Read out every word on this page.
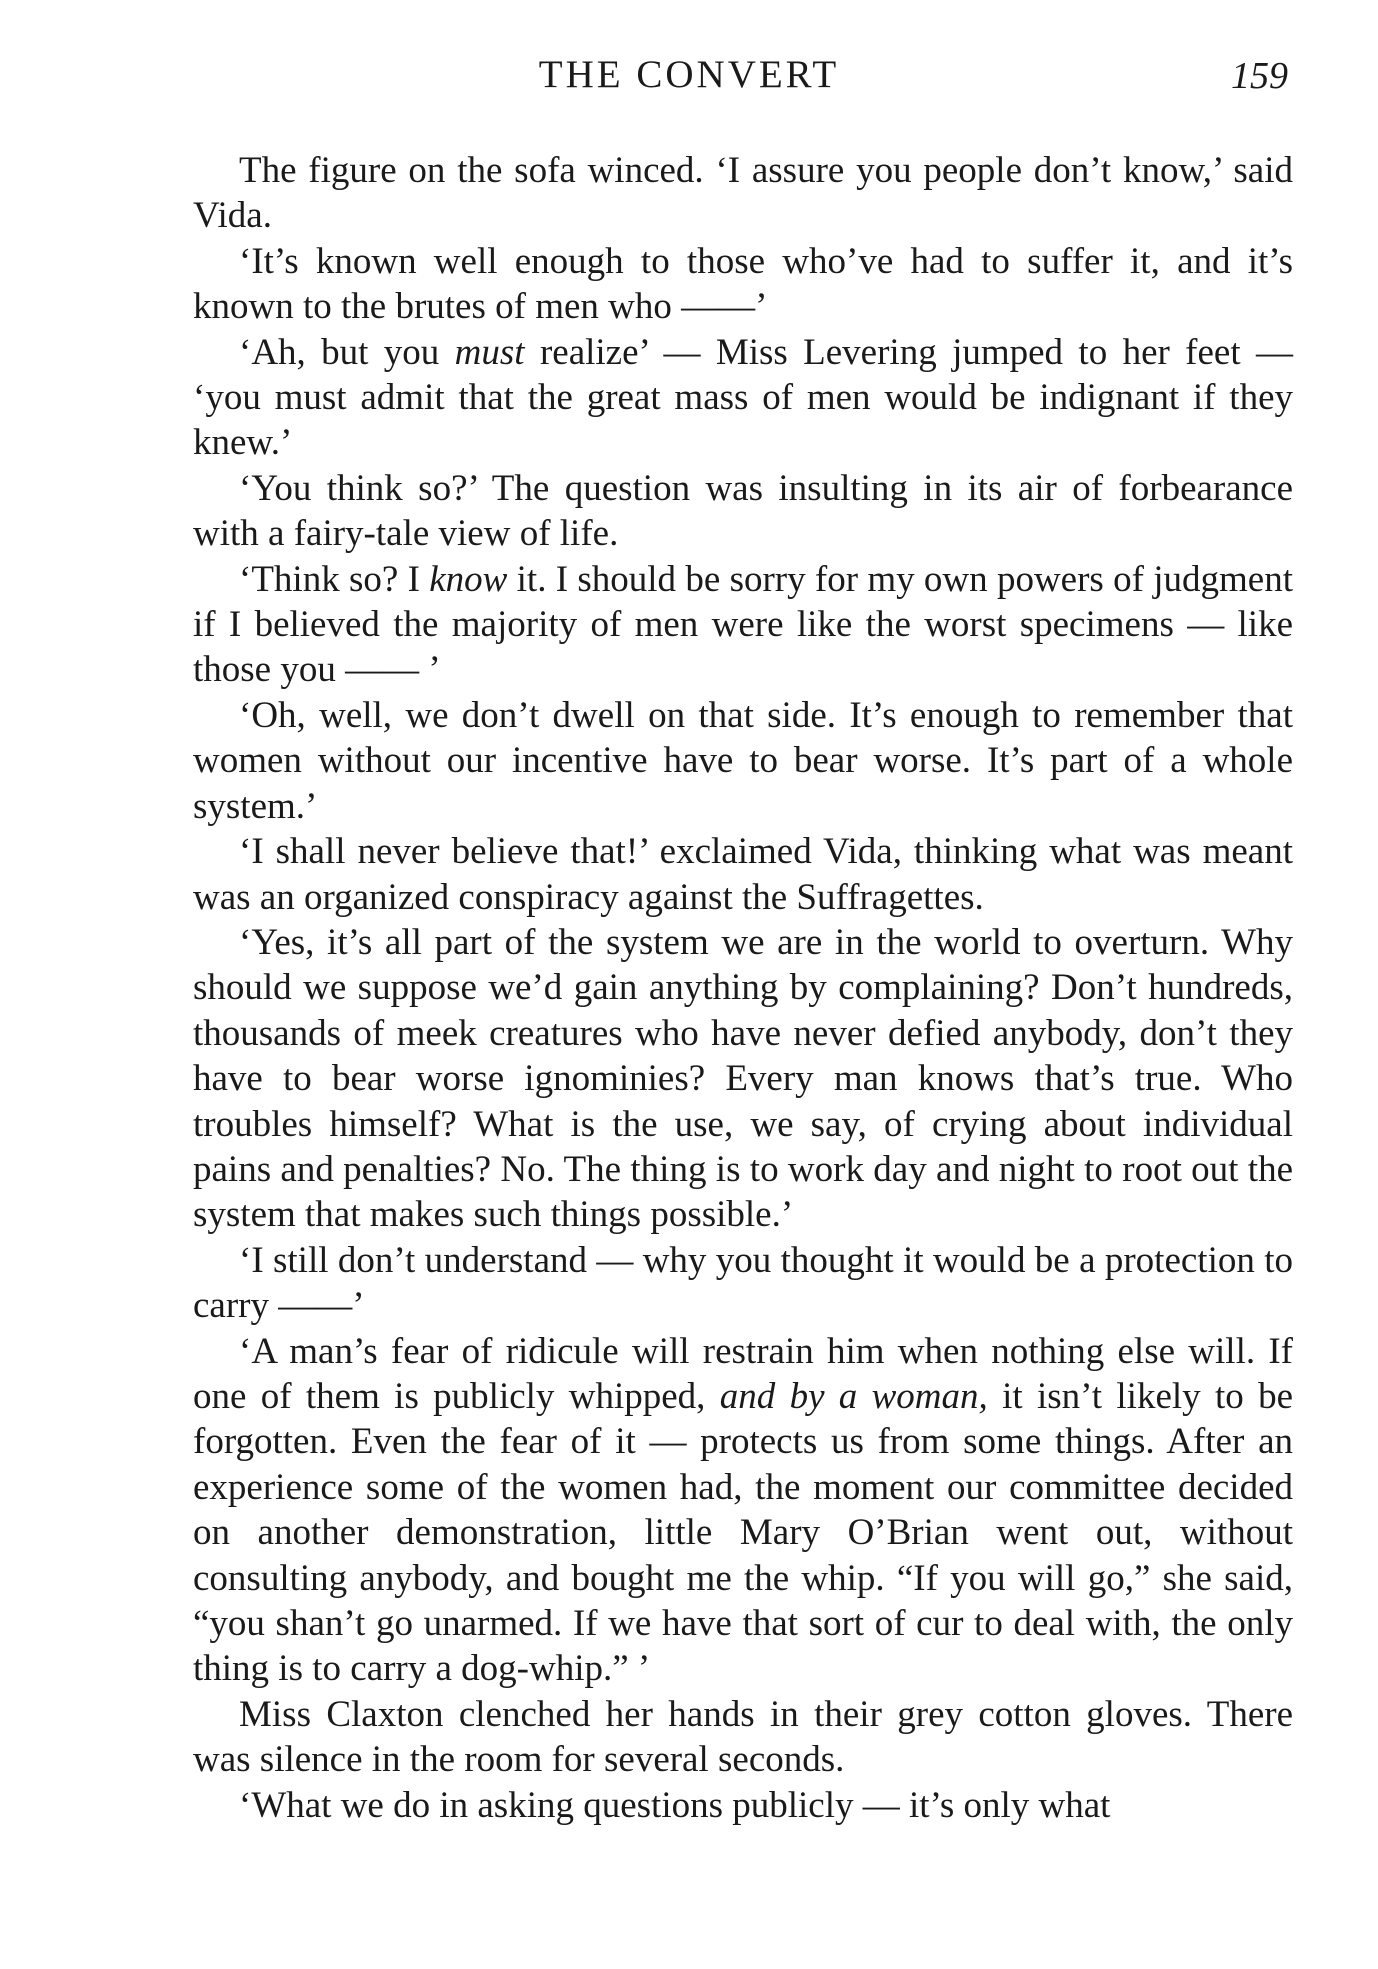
THE CONVERT	159

The figure on the sofa winced. ‘I assure you people don’t know,’ said Vida.

‘It’s known well enough to those who’ve had to suffer it, and it’s known to the brutes of men who ——’

‘Ah, but you must realize’ — Miss Levering jumped to her feet — ‘you must admit that the great mass of men would be indignant if they knew.’

‘You think so?’ The question was insulting in its air of forbearance with a fairy-tale view of life.

‘Think so? I know it. I should be sorry for my own powers of judgment if I believed the majority of men were like the worst specimens — like those you —— ’

‘Oh, well, we don’t dwell on that side. It’s enough to remember that women without our incentive have to bear worse. It’s part of a whole system.’

‘I shall never believe that!’ exclaimed Vida, thinking what was meant was an organized conspiracy against the Suffragettes.

‘Yes, it’s all part of the system we are in the world to overturn. Why should we suppose we’d gain anything by complaining? Don’t hundreds, thousands of meek creatures who have never defied anybody, don’t they have to bear worse ignominies? Every man knows that’s true. Who troubles himself? What is the use, we say, of crying about individual pains and penalties? No. The thing is to work day and night to root out the system that makes such things possible.’

‘I still don’t understand — why you thought it would be a protection to carry ——’

‘A man’s fear of ridicule will restrain him when nothing else will. If one of them is publicly whipped, and by a woman, it isn’t likely to be forgotten. Even the fear of it — protects us from some things. After an experience some of the women had, the moment our committee decided on another demonstration, little Mary O’Brian went out, without consulting anybody, and bought me the whip. “If you will go,” she said, “you shan’t go unarmed. If we have that sort of cur to deal with, the only thing is to carry a dog-whip.” ’

Miss Claxton clenched her hands in their grey cotton gloves. There was silence in the room for several seconds.

‘What we do in asking questions publicly — it’s only what
